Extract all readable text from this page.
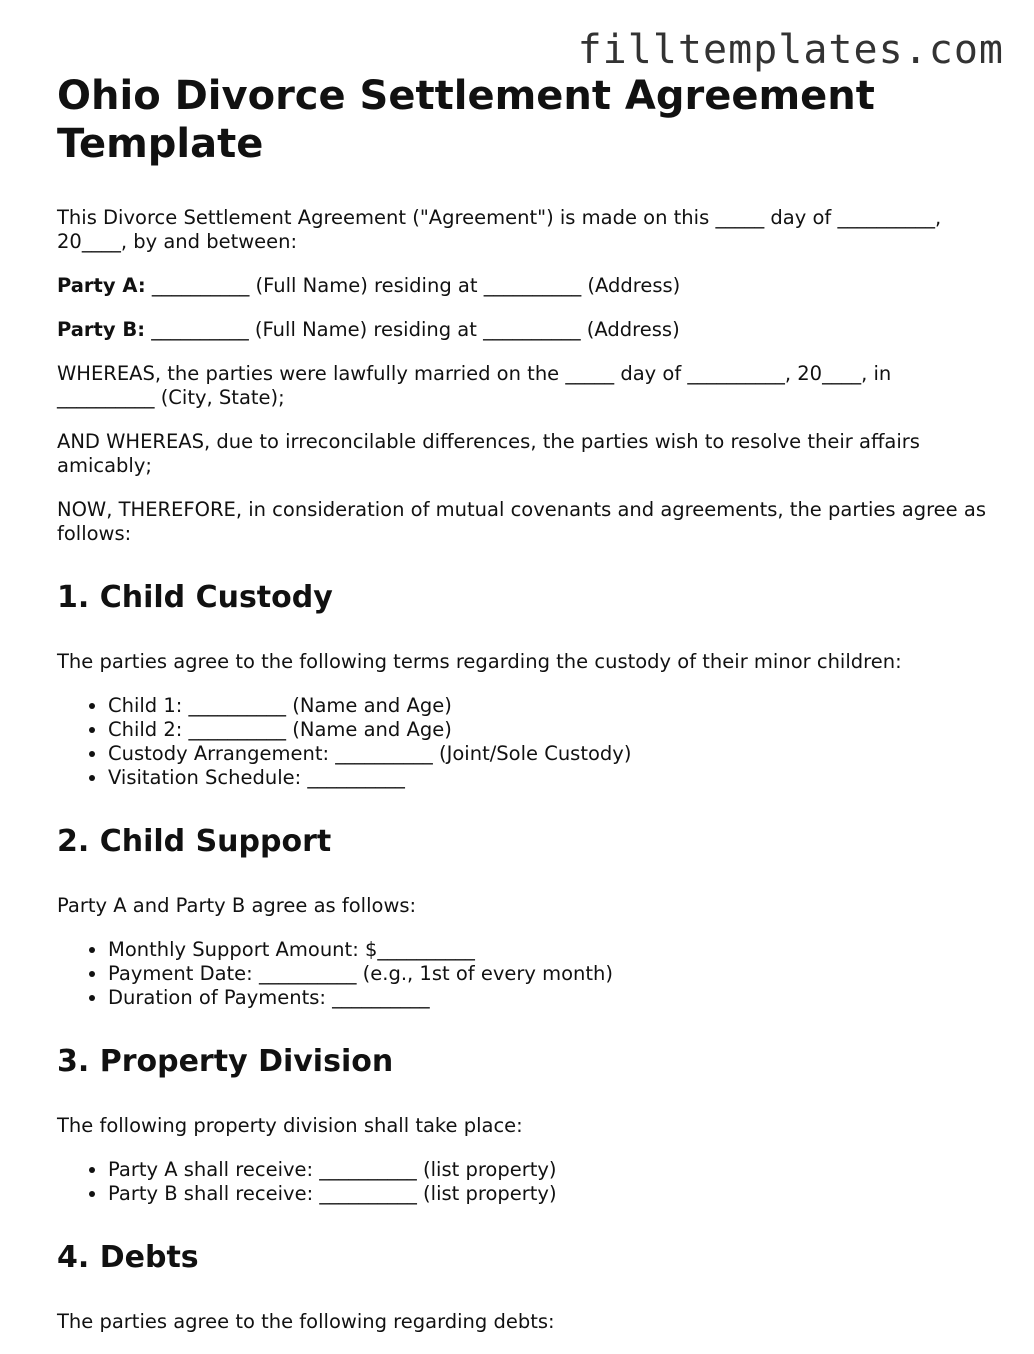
filltemplates.com
Ohio Divorce Settlement Agreement Template

This Divorce Settlement Agreement ("Agreement") is made on this _____ day of __________, 20____, by and between:

Party A: __________ (Full Name) residing at __________ (Address)

Party B: __________ (Full Name) residing at __________ (Address)

WHEREAS, the parties were lawfully married on the _____ day of __________, 20____, in __________ (City, State);

AND WHEREAS, due to irreconcilable differences, the parties wish to resolve their affairs amicably;

NOW, THEREFORE, in consideration of mutual covenants and agreements, the parties agree as follows:

1. Child Custody

The parties agree to the following terms regarding the custody of their minor children:

• Child 1: __________ (Name and Age)
• Child 2: __________ (Name and Age)
• Custody Arrangement: __________ (Joint/Sole Custody)
• Visitation Schedule: __________
2. Child Support

Party A and Party B agree as follows:

• Monthly Support Amount: $__________
• Payment Date: __________ (e.g., 1st of every month)
• Duration of Payments: __________
3. Property Division

The following property division shall take place:

• Party A shall receive: __________ (list property)
• Party B shall receive: __________ (list property)
4. Debts

The parties agree to the following regarding debts:
